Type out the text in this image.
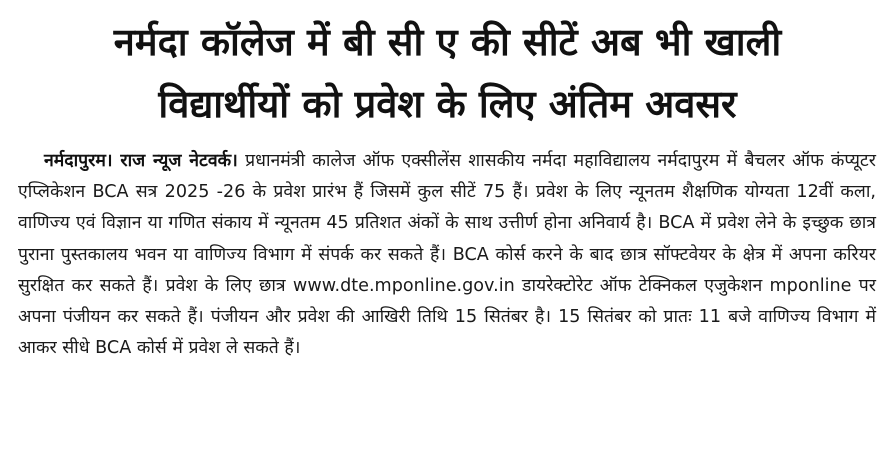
नर्मदा कॉलेज में बी सी ए की सीटें अब भी खाली
विद्यार्थीयों को प्रवेश के लिए अंतिम अवसर
नर्मदापुरम। राज न्यूज नेटवर्क। प्रधानमंत्री कालेज ऑफ एक्सीलेंस शासकीय नर्मदा महाविद्यालय नर्मदापुरम में बैचलर ऑफ कंप्यूटर एप्लिकेशन BCA सत्र 2025 -26 के प्रवेश प्रारंभ हैं जिसमें कुल सीटें 75 हैं। प्रवेश के लिए न्यूनतम शैक्षणिक योग्यता 12वीं कला, वाणिज्य एवं विज्ञान या गणित संकाय में न्यूनतम 45 प्रतिशत अंकों के साथ उत्तीर्ण होना अनिवार्य है। BCA में प्रवेश लेने के इच्छुक छात्र पुराना पुस्तकालय भवन या वाणिज्य विभाग में संपर्क कर सकते हैं। BCA कोर्स करने के बाद छात्र सॉफ्टवेयर के क्षेत्र में अपना करियर सुरक्षित कर सकते हैं। प्रवेश के लिए छात्र www.dte.mponline.gov.in डायरेक्टोरेट ऑफ टेक्निकल एजुकेशन mponline पर अपना पंजीयन कर सकते हैं। पंजीयन और प्रवेश की आखिरी तिथि 15 सितंबर है। 15 सितंबर को प्रातः 11 बजे वाणिज्य विभाग में आकर सीधे BCA कोर्स में प्रवेश ले सकते हैं।
